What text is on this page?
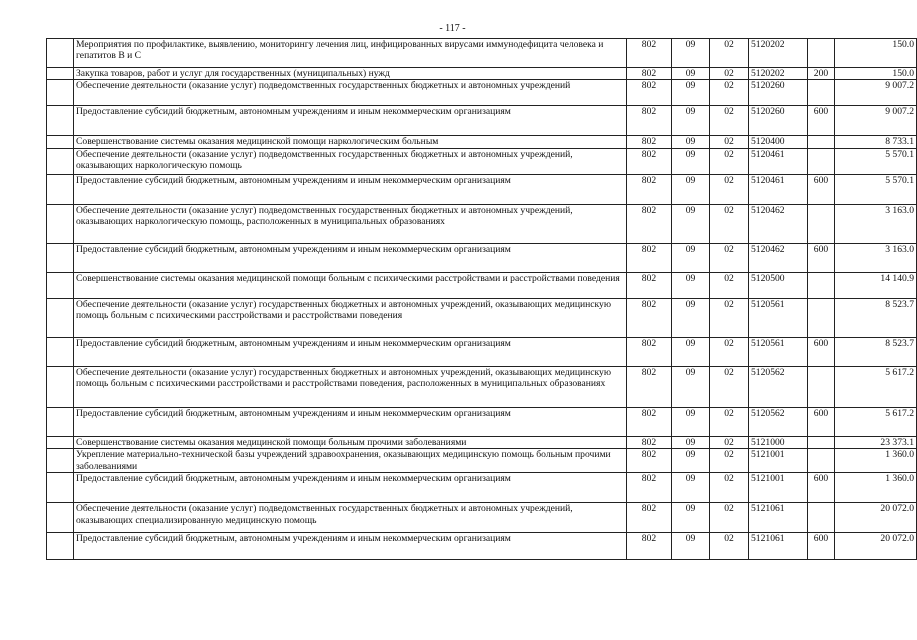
- 117 -
	Мероприятия по профилактике, выявлению, мониторингу лечения лиц, инфицированных вирусами иммунодефицита человека и гепатитов В и С	802	09	02	5120202		150.0
	Закупка товаров, работ и услуг для государственных (муниципальных) нужд	802	09	02	5120202	200	150.0
	Обеспечение деятельности (оказание услуг) подведомственных государственных бюджетных и автономных учреждений	802	09	02	5120260		9 007.2
	Предоставление субсидий бюджетным, автономным учреждениям и иным некоммерческим организациям	802	09	02	5120260	600	9 007.2
	Совершенствование системы оказания медицинской помощи наркологическим больным	802	09	02	5120400		8 733.1
	Обеспечение деятельности (оказание услуг) подведомственных государственных бюджетных и автономных учреждений, оказывающих наркологическую помощь	802	09	02	5120461		5 570.1
	Предоставление субсидий бюджетным, автономным учреждениям и иным некоммерческим организациям	802	09	02	5120461	600	5 570.1
	Обеспечение деятельности (оказание услуг) подведомственных государственных бюджетных и автономных учреждений, оказывающих наркологическую помощь, расположенных в муниципальных образованиях	802	09	02	5120462		3 163.0
	Предоставление субсидий бюджетным, автономным учреждениям и иным некоммерческим организациям	802	09	02	5120462	600	3 163.0
	Совершенствование системы оказания медицинской помощи больным с психическими расстройствами и расстройствами поведения	802	09	02	5120500		14 140.9
	Обеспечение деятельности (оказание услуг) государственных бюджетных и автономных учреждений, оказывающих медицинскую помощь больным с психическими расстройствами и расстройствами поведения	802	09	02	5120561		8 523.7
	Предоставление субсидий бюджетным, автономным учреждениям и иным некоммерческим организациям	802	09	02	5120561	600	8 523.7
	Обеспечение деятельности (оказание услуг) государственных бюджетных и автономных учреждений, оказывающих медицинскую помощь больным с психическими расстройствами и расстройствами поведения, расположенных в муниципальных образованиях	802	09	02	5120562		5 617.2
	Предоставление субсидий бюджетным, автономным учреждениям и иным некоммерческим организациям	802	09	02	5120562	600	5 617.2
	Совершенствование системы оказания медицинской помощи больным прочими заболеваниями	802	09	02	5121000		23 373.1
	Укрепление материально-технической базы учреждений здравоохранения, оказывающих медицинскую помощь больным прочими заболеваниями	802	09	02	5121001		1 360.0
	Предоставление субсидий бюджетным, автономным учреждениям и иным некоммерческим организациям	802	09	02	5121001	600	1 360.0
	Обеспечение деятельности (оказание услуг) подведомственных государственных бюджетных и автономных учреждений, оказывающих специализированную медицинскую помощь	802	09	02	5121061		20 072.0
	Предоставление субсидий бюджетным, автономным учреждениям и иным некоммерческим организациям	802	09	02	5121061	600	20 072.0
